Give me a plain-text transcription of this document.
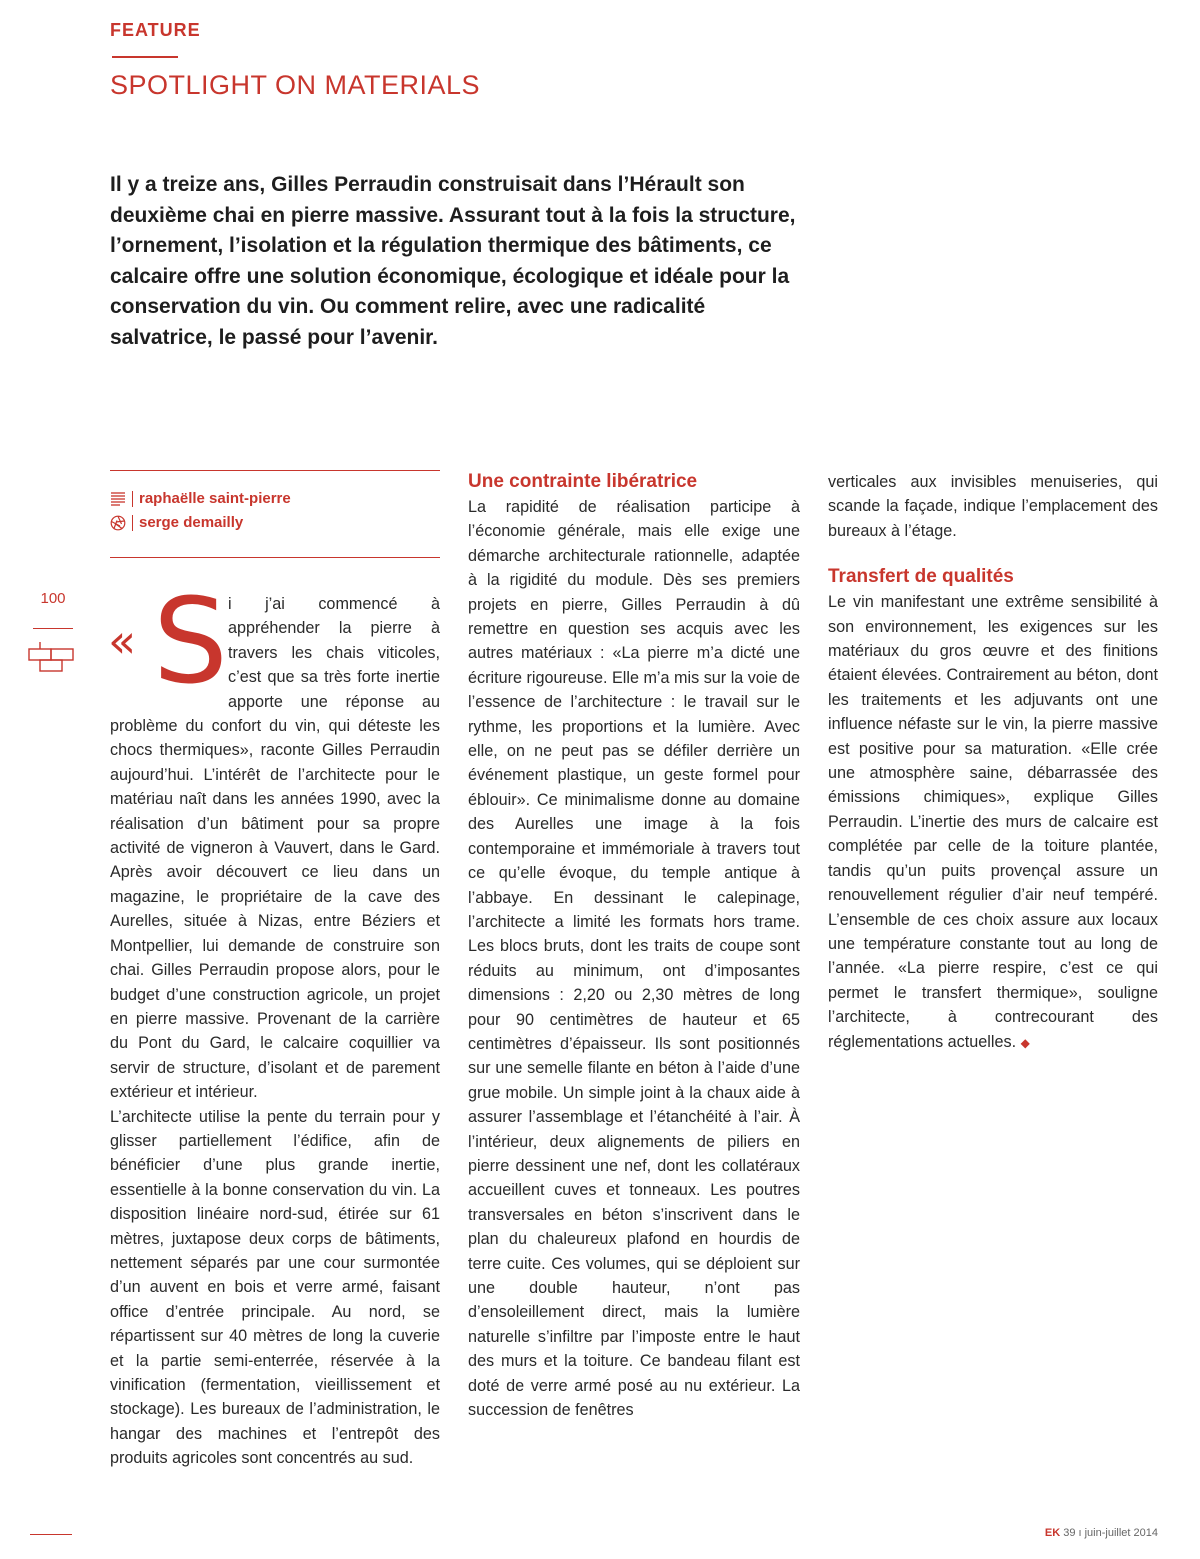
FEATURE
SPOTLIGHT ON MATERIALS
Il y a treize ans, Gilles Perraudin construisait dans l’Hérault son deuxième chai en pierre massive. Assurant tout à la fois la structure, l’ornement, l’isolation et la régulation thermique des bâtiments, ce calcaire offre une solution économique, écologique et idéale pour la conservation du vin. Ou comment relire, avec une radicalité salvatrice, le passé pour l’avenir.
raphaëlle saint-pierre
serge demailly
100
« S i j’ai commencé à appréhender la pierre à travers les chais viticoles, c’est que sa très forte inertie apporte une réponse au problème du confort du vin, qui déteste les chocs thermiques», raconte Gilles Perraudin aujourd’hui. L’intérêt de l’architecte pour le matériau naît dans les années 1990, avec la réalisation d’un bâtiment pour sa propre activité de vigneron à Vauvert, dans le Gard. Après avoir découvert ce lieu dans un magazine, le propriétaire de la cave des Aurelles, située à Nizas, entre Béziers et Montpellier, lui demande de construire son chai. Gilles Perraudin propose alors, pour le budget d’une construction agricole, un projet en pierre massive. Provenant de la carrière du Pont du Gard, le calcaire coquillier va servir de structure, d’isolant et de parement extérieur et intérieur.

L’architecte utilise la pente du terrain pour y glisser partiellement l’édifice, afin de bénéficier d’une plus grande inertie, essentielle à la bonne conservation du vin. La disposition linéaire nord-sud, étirée sur 61 mètres, juxtapose deux corps de bâtiments, nettement séparés par une cour surmontée d’un auvent en bois et verre armé, faisant office d’entrée principale. Au nord, se répartissent sur 40 mètres de long la cuverie et la partie semi-enterrée, réservée à la vinification (fermentation, vieillissement et stockage). Les bureaux de l’administration, le hangar des machines et l’entrepôt des produits agricoles sont concentrés au sud.

Une contrainte libératrice

La rapidité de réalisation participe à l’économie générale, mais elle exige une démarche architecturale rationnelle, adaptée à la rigidité du module. Dès ses premiers projets en pierre, Gilles Perraudin à dû remettre en question ses acquis avec les autres matériaux : «La pierre m’a dicté une écriture rigoureuse. Elle m’a mis sur la voie de l’essence de l’architecture : le travail sur le rythme, les proportions et la lumière. Avec elle, on ne peut pas se défiler derrière un événement plastique, un geste formel pour éblouir». Ce minimalisme donne au domaine des Aurelles une image à la fois contemporaine et immémoriale à travers tout ce qu’elle évoque, du temple antique à l’abbaye. En dessinant le calepinage, l’architecte a limité les formats hors trame. Les blocs bruts, dont les traits de coupe sont réduits au minimum, ont d’imposantes dimensions : 2,20 ou 2,30 mètres de long pour 90 centimètres de hauteur et 65 centimètres d’épaisseur. Ils sont positionnés sur une semelle filante en béton à l’aide d’une grue mobile. Un simple joint à la chaux aide à assurer l’assemblage et l’étanchéité à l’air. À l’intérieur, deux alignements de piliers en pierre dessinent une nef, dont les collatéraux accueillent cuves et tonneaux. Les poutres transversales en béton s’inscrivent dans le plan du chaleureux plafond en hourdis de terre cuite. Ces volumes, qui se déploient sur une double hauteur, n’ont pas d’ensoleillement direct, mais la lumière naturelle s’infiltre par l’imposte entre le haut des murs et la toiture. Ce bandeau filant est doté de verre armé posé au nu extérieur. La succession de fenêtres

verticales aux invisibles menuiseries, qui scande la façade, indique l’emplacement des bureaux à l’étage.

Transfert de qualités

Le vin manifestant une extrême sensibilité à son environnement, les exigences sur les matériaux du gros œuvre et des finitions étaient élevées. Contrairement au béton, dont les traitements et les adjuvants ont une influence néfaste sur le vin, la pierre massive est positive pour sa maturation. «Elle crée une atmosphère saine, débarrassée des émissions chimiques», explique Gilles Perraudin. L’inertie des murs de calcaire est complétée par celle de la toiture plantée, tandis qu’un puits provençal assure un renouvellement régulier d’air neuf tempéré. L’ensemble de ces choix assure aux locaux une température constante tout au long de l’année. «La pierre respire, c’est ce qui permet le transfert thermique», souligne l’architecte, à contrecourant des réglementations actuelles. ◆

EK 39 ı juin-juillet 2014
